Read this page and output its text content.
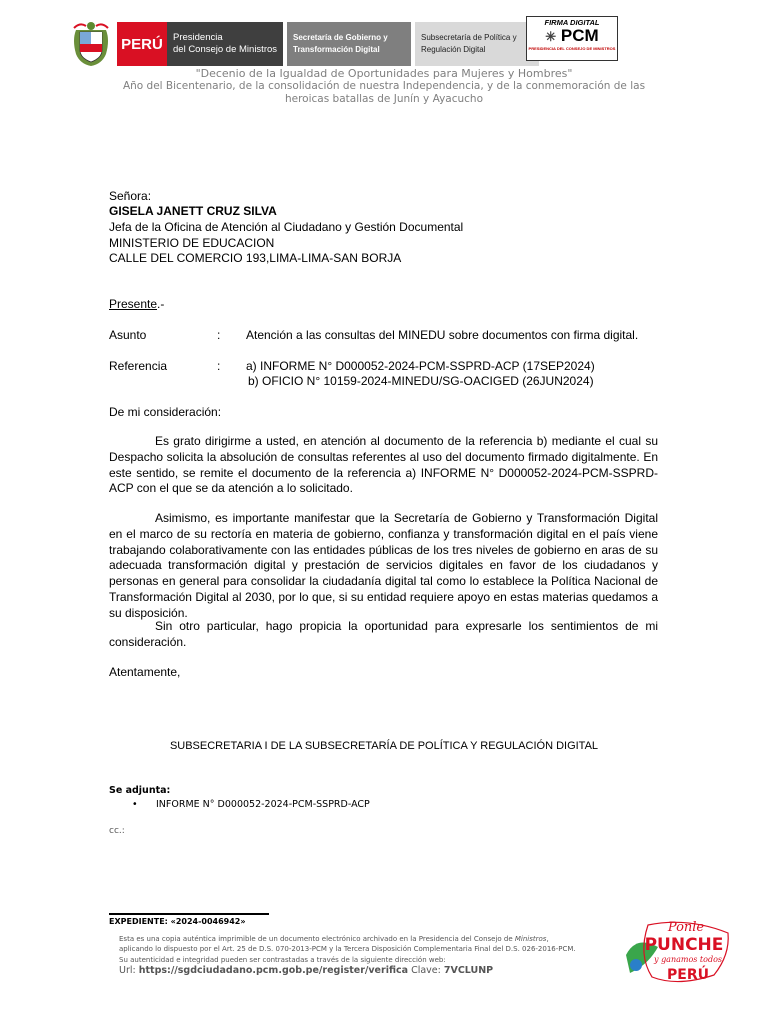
PERÚ Presidencia
del Consejo de Ministros
Secretaría de Gobierno y
Transformación Digital
Subsecretaría de Política y
Regulación Digital
FIRMA DIGITAL
✳ PCM
PRESIDENCIA DEL CONSEJO DE MINISTROS
"Decenio de la Igualdad de Oportunidades para Mujeres y Hombres"
Año del Bicentenario, de la consolidación de nuestra Independencia, y de la conmemoración de las heroicas batallas de Junín y Ayacucho
Señora:
GISELA JANETT CRUZ SILVA
Jefa de la Oficina de Atención al Ciudadano y Gestión Documental
MINISTERIO DE EDUCACION
CALLE DEL COMERCIO 193,LIMA-LIMA-SAN BORJA
Presente.-
Asunto	: Atención a las consultas del MINEDU sobre documentos con firma digital.
Referencia	: a) INFORME N° D000052-2024-PCM-SSPRD-ACP (17SEP2024)
b) OFICIO N° 10159-2024-MINEDU/SG-OACIGED (26JUN2024)
De mi consideración:
Es grato dirigirme a usted, en atención al documento de la referencia b) mediante el cual su Despacho solicita la absolución de consultas referentes al uso del documento firmado digitalmente. En este sentido, se remite el documento de la referencia a) INFORME N° D000052-2024-PCM-SSPRD-ACP con el que se da atención a lo solicitado.
Asimismo, es importante manifestar que la Secretaría de Gobierno y Transformación Digital en el marco de su rectoría en materia de gobierno, confianza y transformación digital en el país viene trabajando colaborativamente con las entidades públicas de los tres niveles de gobierno en aras de su adecuada transformación digital y prestación de servicios digitales en favor de los ciudadanos y personas en general para consolidar la ciudadanía digital tal como lo establece la Política Nacional de Transformación Digital al 2030, por lo que, si su entidad requiere apoyo en estas materias quedamos a su disposición.
Sin otro particular, hago propicia la oportunidad para expresarle los sentimientos de mi consideración.
Atentamente,
SUBSECRETARIA I DE LA SUBSECRETARÍA DE POLÍTICA Y REGULACIÓN DIGITAL
Se adjunta:
• INFORME N° D000052-2024-PCM-SSPRD-ACP
cc.:
EXPEDIENTE: «2024-0046942»
Esta es una copia auténtica imprimible de un documento electrónico archivado en la Presidencia del Consejo de Ministros, aplicando lo dispuesto por el Art. 25 de D.S. 070-2013-PCM y la Tercera Disposición Complementaria Final del D.S. 026-2016-PCM. Su autenticidad e integridad pueden ser contrastadas a través de la siguiente dirección web:
Url: https://sgdciudadano.pcm.gob.pe/register/verifica Clave: 7VCLUNP
Ponle
PUNCHE
y ganamos todos
PERÚ
